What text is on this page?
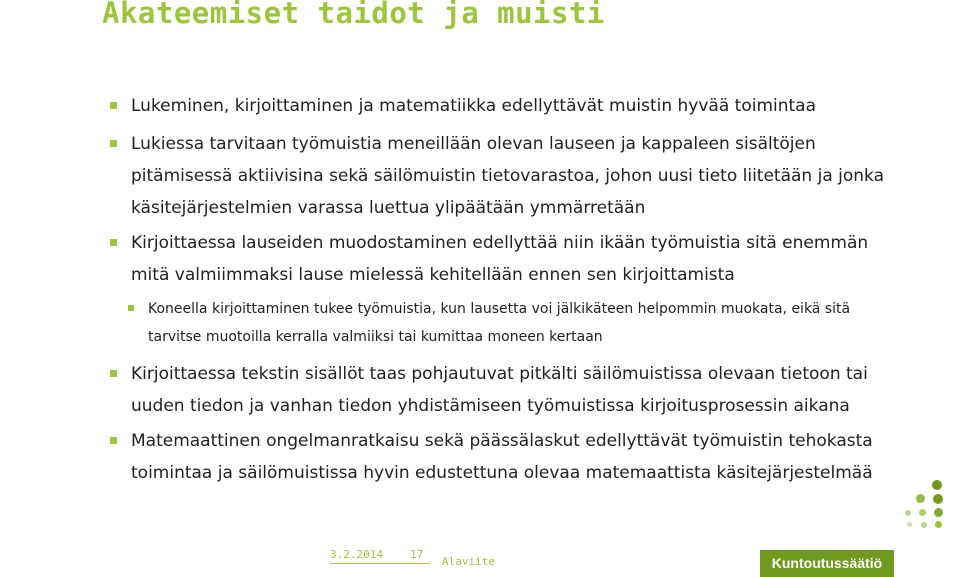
Akateemiset taidot ja muisti
Lukeminen, kirjoittaminen ja matematiikka edellyttävät muistin hyvää toimintaa
Lukiessa tarvitaan työmuistia meneillään olevan lauseen ja kappaleen sisältöjen
pitämisessä aktiivisina sekä säilömuistin tietovarastoa, johon uusi tieto liitetään ja jonka
käsitejärjestelmien varassa luettua ylipäätään ymmärretään
Kirjoittaessa lauseiden muodostaminen edellyttää niin ikään työmuistia sitä enemmän
mitä valmiimmaksi lause mielessä kehitellään ennen sen kirjoittamista
Koneella kirjoittaminen tukee työmuistia, kun lausetta voi jälkikäteen helpommin muokata, eikä sitä
tarvitse muotoilla kerralla valmiiksi tai kumittaa moneen kertaan
Kirjoittaessa tekstin sisällöt taas pohjautuvat pitkälti säilömuistissa olevaan tietoon tai
uuden tiedon ja vanhan tiedon yhdistämiseen työmuistissa kirjoitusprosessin aikana
Matemaattinen ongelmanratkaisu sekä päässälaskut edellyttävät työmuistin tehokasta
toimintaa ja säilömuistissa hyvin edustettuna olevaa matemaattista käsitejärjestelmää
3.2.2014 17
Alaviite	Kuntoutussäätiö
